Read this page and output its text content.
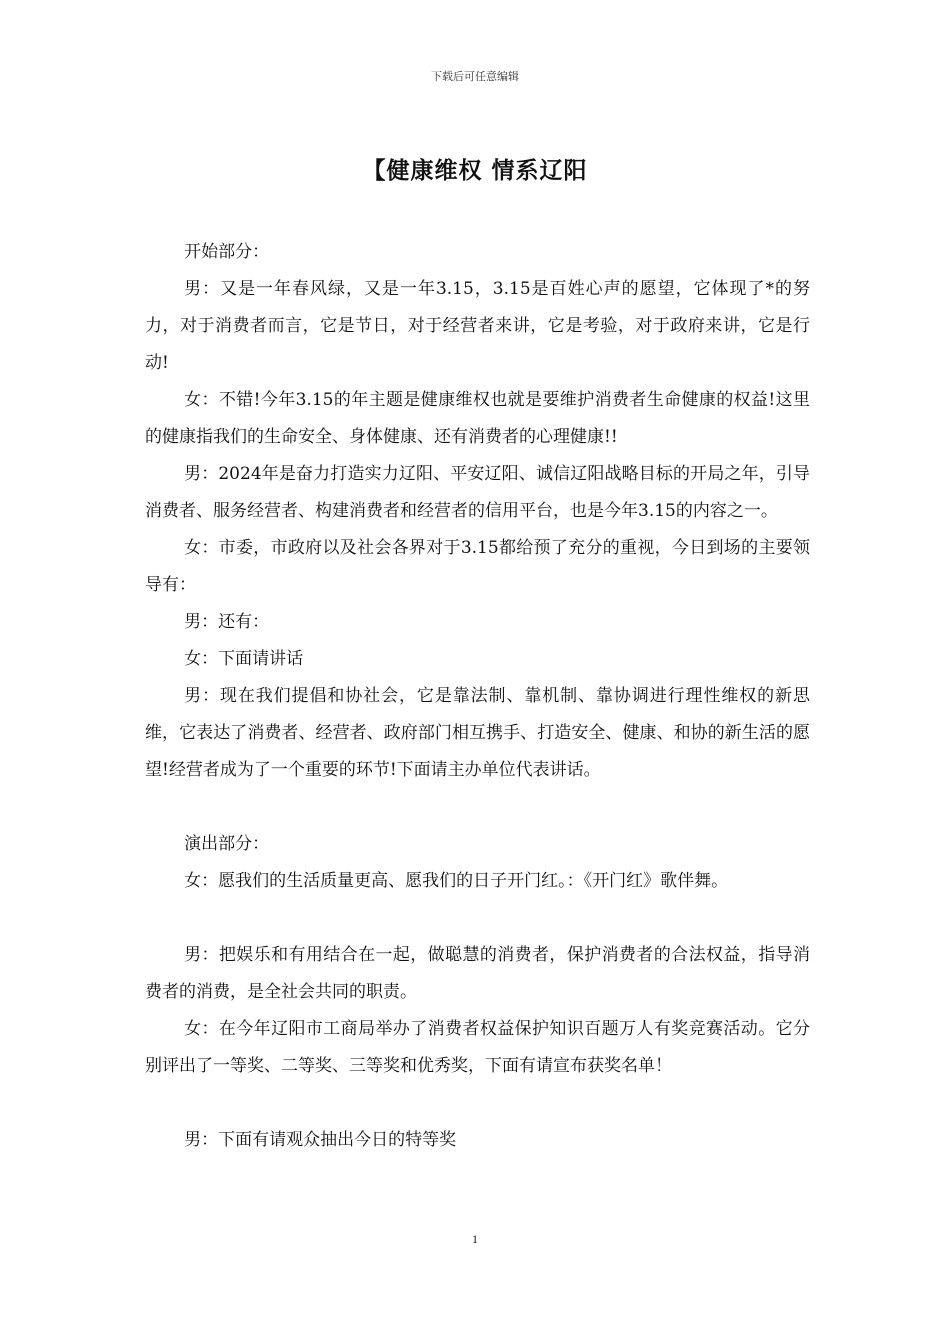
下载后可任意编辑
【健康维权 情系辽阳

开始部分：

男：又是一年春风绿，又是一年3.15，3.15是百姓心声的愿望，它体现了*的努力，对于消费者而言，它是节日，对于经营者来讲，它是考验，对于政府来讲，它是行动!

女：不错!今年3.15的年主题是健康维权也就是要维护消费者生命健康的权益!这里的健康指我们的生命安全、身体健康、还有消费者的心理健康!!

男：2024年是奋力打造实力辽阳、平安辽阳、诚信辽阳战略目标的开局之年，引导消费者、服务经营者、构建消费者和经营者的信用平台，也是今年3.15的内容之一。

女：市委，市政府以及社会各界对于3.15都给预了充分的重视，今日到场的主要领导有：

男：还有：

女：下面请讲话

男：现在我们提倡和协社会，它是靠法制、靠机制、靠协调进行理性维权的新思维，它表达了消费者、经营者、政府部门相互携手、打造安全、健康、和协的新生活的愿望!经营者成为了一个重要的环节!下面请主办单位代表讲话。

演出部分：

女：愿我们的生活质量更高、愿我们的日子开门红。：《开门红》歌伴舞。

男：把娱乐和有用结合在一起，做聪慧的消费者，保护消费者的合法权益，指导消费者的消费，是全社会共同的职责。

女：在今年辽阳市工商局举办了消费者权益保护知识百题万人有奖竞赛活动。它分别评出了一等奖、二等奖、三等奖和优秀奖，下面有请宣布获奖名单！

男：下面有请观众抽出今日的特等奖

1
